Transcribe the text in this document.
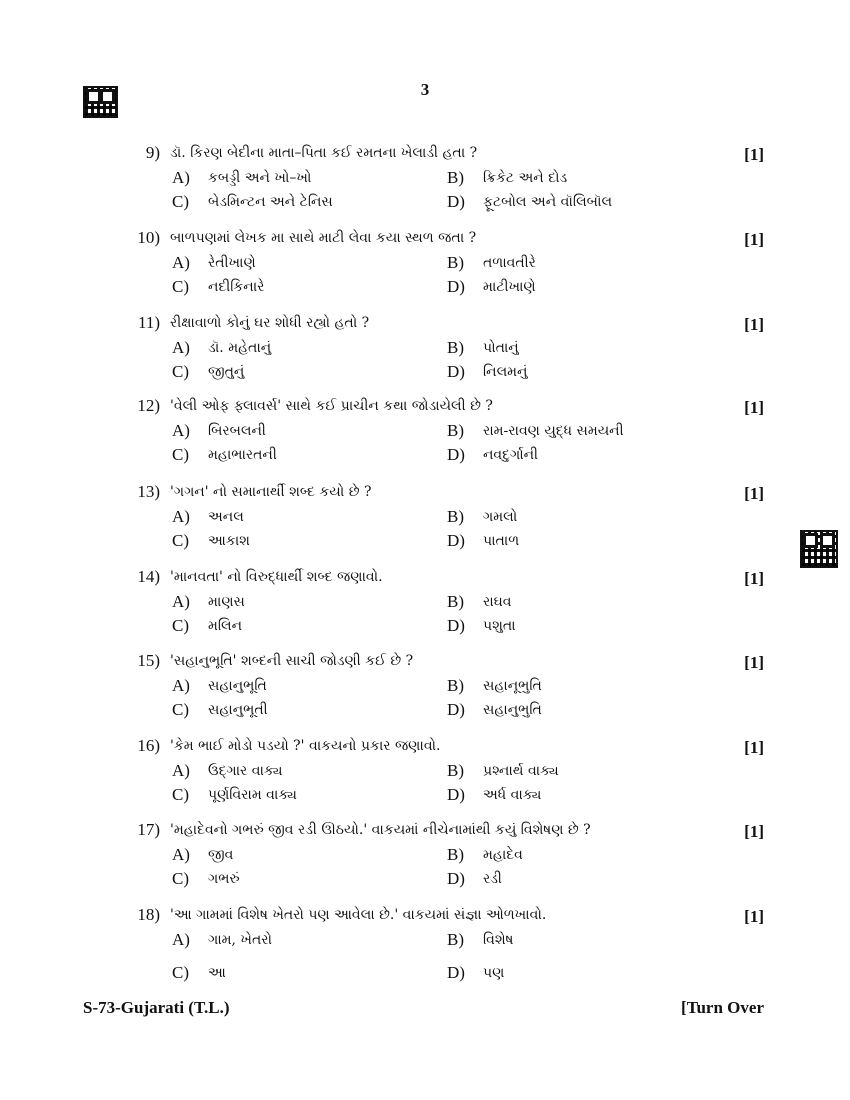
3
9) ડૉ. કિરણ બેદીના માતા–પિતા કઈ રમતના ખેલાડી હતા ?	[1]
A) કબડ્ડી અને ખો–ખો	B) ક્રિકેટ અને દોડ
C) બેડમિન્ટન અને ટેનિસ	D) ફૂટબોલ અને વૉલિબૉલ
10) બાળપણમાં લેખક મા સાથે માટી લેવા કયા સ્થળ જતા ?	[1]
A) રેતીખાણે	B) તળાવતીરે
C) નદીકિનારે	D) માટીખાણે
11) રીક્ષાવાળો કોનું ઘર શોધી રહ્યો હતો ?	[1]
A) ડૉ. મહેતાનું	B) પોતાનું
C) જીતુનું	D) નિલમનું
12) 'વેલી ઓફ ફ્લાવર્સ' સાથે કઈ પ્રાચીન કથા જોડાયેલી છે ?	[1]
A) બિરબલની	B) રામ-રાવણ યુદ્ધ સમયની
C) મહાભારતની	D) નવદુર્ગાની
13) 'ગગન' નો સમાનાર્થી શબ્દ કયો છે ?	[1]
A) અનલ	B) ગમલો
C) આકાશ	D) પાતાળ
14) 'માનવતા' નો વિરુદ્ધાર્થી શબ્દ જણાવો.	[1]
A) માણસ	B) રાઘવ
C) મલિન	D) પશુતા
15) 'સહાનુભૂતિ' શબ્દની સાચી જોડણી કઈ છે ?	[1]
A) સહાનુભૂતિ	B) સહાનૂભુતિ
C) સહાનુભૂતી	D) સહાનુભુતિ
16) 'કેમ ભાઈ મોડો પડયો ?' વાકયનો પ્રકાર જણાવો.	[1]
A) ઉદ્ગાર વાક્ય	B) પ્રશ્નાર્થ વાક્ય
C) પૂર્ણવિરામ વાક્ય	D) અર્ધ વાક્ય
17) 'મહાદેવનો ગભરું જીવ રડી ઊઠયો.' વાકયમાં નીચેનામાંથી કયું વિશેષણ છે ?	[1]
A) જીવ	B) મહાદેવ
C) ગભરું	D) રડી
18) 'આ ગામમાં વિશેષ ખેતરો પણ આવેલા છે.' વાકયમાં સંજ્ઞા ઓળખાવો.	[1]
A) ગામ, ખેતરો	B) વિશેષ
C) આ	D) પણ
S-73-Gujarati (T.L.)	[Turn Over
